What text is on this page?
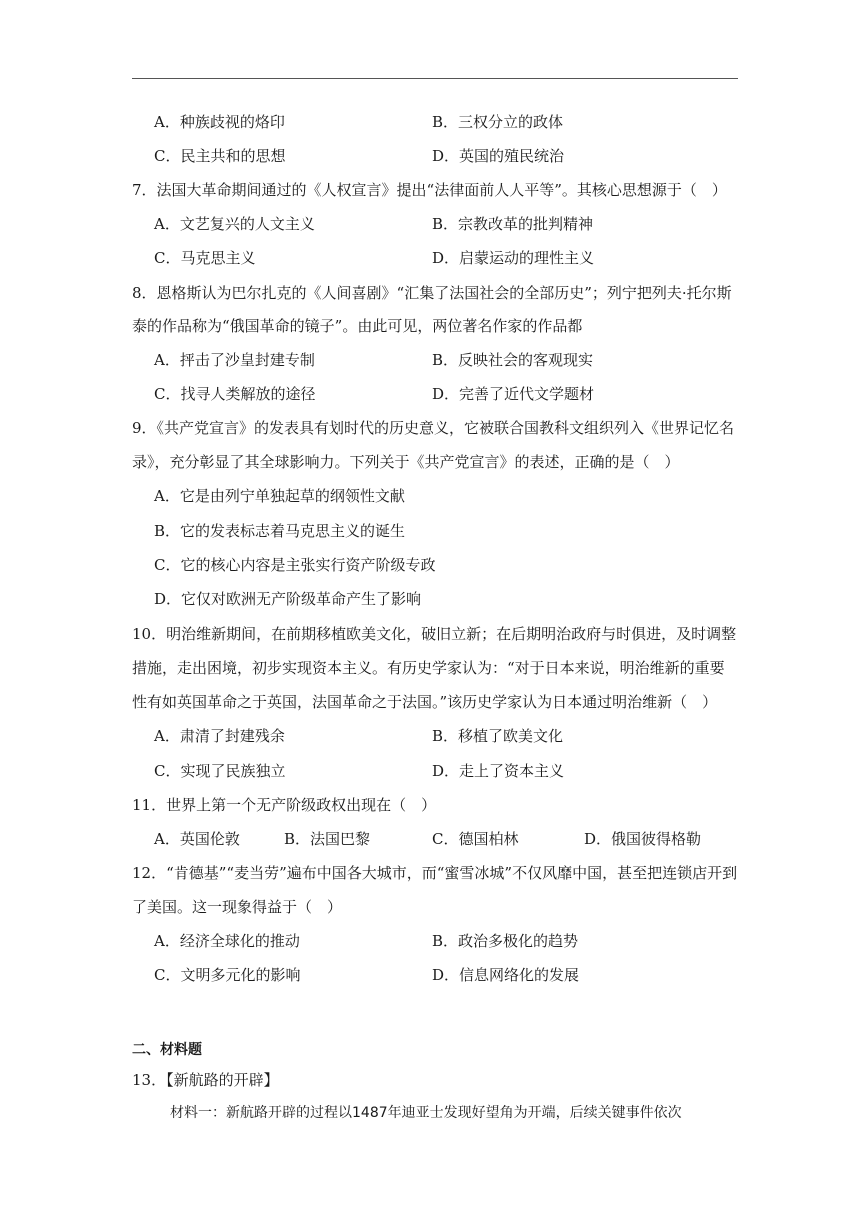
A．种族歧视的烙印	B．三权分立的政体
C．民主共和的思想	D．英国的殖民统治
7．法国大革命期间通过的《人权宣言》提出“法律面前人人平等”。其核心思想源于（　）
A．文艺复兴的人文主义	B．宗教改革的批判精神
C．马克思主义	D．启蒙运动的理性主义
8．恩格斯认为巴尔扎克的《人间喜剧》“汇集了法国社会的全部历史”；列宁把列夫·托尔斯
泰的作品称为“俄国革命的镜子”。由此可见，两位著名作家的作品都
A．抨击了沙皇封建专制	B．反映社会的客观现实
C．找寻人类解放的途径	D．完善了近代文学题材
9．《共产党宣言》的发表具有划时代的历史意义，它被联合国教科文组织列入《世界记忆名
录》，充分彰显了其全球影响力。下列关于《共产党宣言》的表述，正确的是（　）
A．它是由列宁单独起草的纲领性文献
B．它的发表标志着马克思主义的诞生
C．它的核心内容是主张实行资产阶级专政
D．它仅对欧洲无产阶级革命产生了影响
10．明治维新期间，在前期移植欧美文化，破旧立新；在后期明治政府与时俱进，及时调整
措施，走出困境，初步实现资本主义。有历史学家认为：“对于日本来说，明治维新的重要
性有如英国革命之于英国，法国革命之于法国。”该历史学家认为日本通过明治维新（　）
A．肃清了封建残余	B．移植了欧美文化
C．实现了民族独立	D．走上了资本主义
11．世界上第一个无产阶级政权出现在（　）
A．英国伦敦	B．法国巴黎	C．德国柏林	D．俄国彼得格勒
12．“肯德基”“麦当劳”遍布中国各大城市，而“蜜雪冰城”不仅风靡中国，甚至把连锁店开到
了美国。这一现象得益于（　）
A．经济全球化的推动	B．政治多极化的趋势
C．文明多元化的影响	D．信息网络化的发展
二、材料题
13．【新航路的开辟】
材料一：新航路开辟的过程以1487年迪亚士发现好望角为开端，后续关键事件依次
